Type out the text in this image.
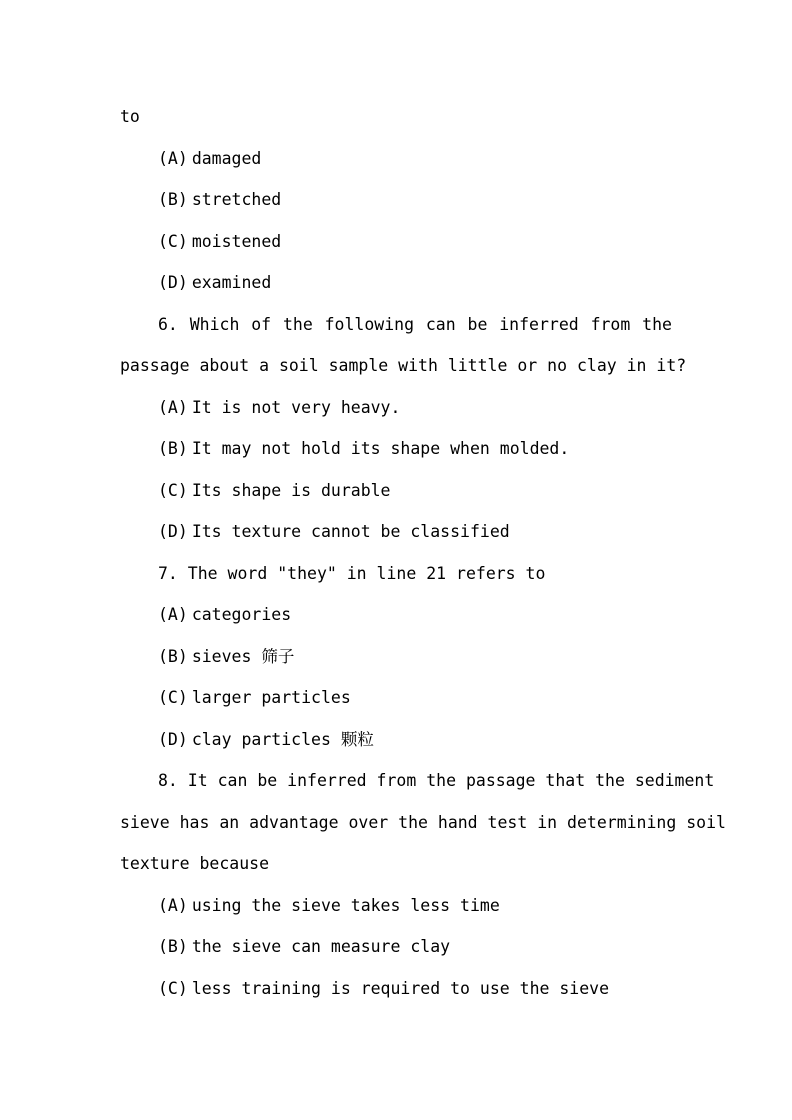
to
(A) damaged
(B) stretched
(C) moistened
(D) examined
6. Which of the following can be inferred from the
passage about a soil sample with little or no clay in it?
(A) It is not very heavy.
(B) It may not hold its shape when molded.
(C) Its shape is durable
(D) Its texture cannot be classified
7. The word "they" in line 21 refers to
(A) categories
(B) sieves 筛子
(C) larger particles
(D) clay particles 颗粒
8. It can be inferred from the passage that the sediment
sieve has an advantage over the hand test in determining soil
texture because
(A) using the sieve takes less time
(B) the sieve can measure clay
(C) less training is required to use the sieve
